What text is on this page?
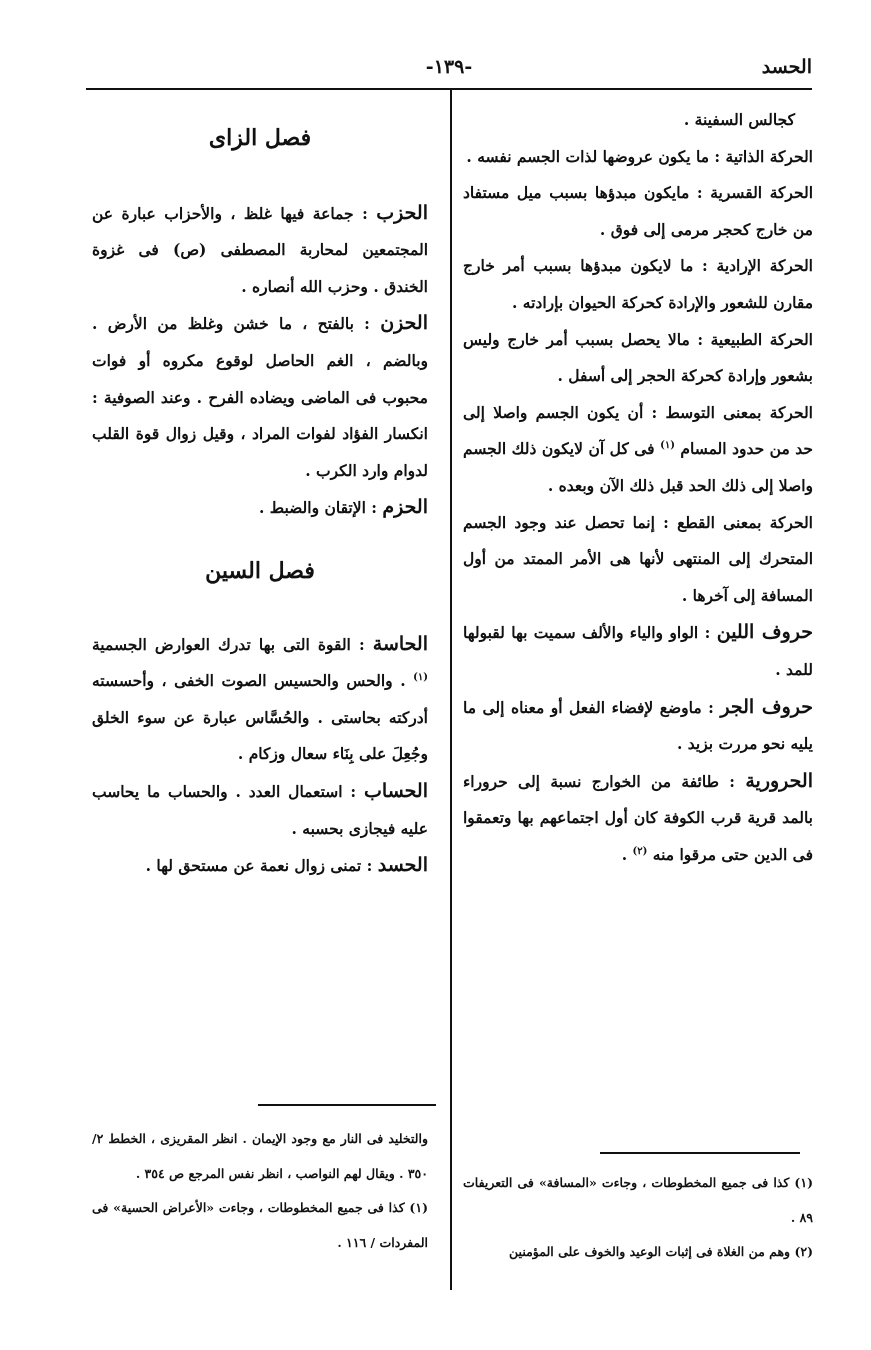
الحسد
-١٣٩-

كجالس السفينة .

الحركة الذاتية : ما يكون عروضها لذات الجسم نفسه .

الحركة القسرية : مايكون مبدؤها بسبب ميل مستفاد من خارج كحجر مرمى إلى فوق .

الحركة الإرادية : ما لايكون مبدؤها بسبب أمر خارج مقارن للشعور والإرادة كحركة الحيوان بإرادته .

الحركة الطبيعية : مالا يحصل بسبب أمر خارج وليس بشعور وإرادة كحركة الحجر إلى أسفل .

الحركة بمعنى التوسط : أن يكون الجسم واصلا إلى حد من حدود المسام $^{(١)}$ فى كل آن لايكون ذلك الجسم واصلا إلى ذلك الحد قبل ذلك الآن وبعده .

الحركة بمعنى القطع : إنما تحصل عند وجود الجسم المتحرك إلى المنتهى لأنها هى الأمر الممتد من أول المسافة إلى آخرها .

حروف اللين : الواو والياء والألف سميت بها لقبولها للمد .

حروف الجر : ماوضع لإفضاء الفعل أو معناه إلى ما يليه نحو مررت بزيد .

الحرورية : طائفة من الخوارج نسبة إلى حروراء بالمد قرية قرب الكوفة كان أول اجتماعهم بها وتعمقوا فى الدين حتى مرقوا منه $^{(٢)}$ .

فصل الزاى

الحزب : جماعة فيها غلظ ، والأحزاب عبارة عن المجتمعين لمحاربة المصطفى (ص) فى غزوة الخندق . وحزب الله أنصاره .

الحزن : بالفتح ، ما خشن وغلظ من الأرض . وبالضم ، الغم الحاصل لوقوع مكروه أو فوات محبوب فى الماضى ويضاده الفرح . وعند الصوفية : انكسار الفؤاد لفوات المراد ، وقيل زوال قوة القلب لدوام وارد الكرب .

الحزم : الإتقان والضبط .

فصل السين

الحاسة : القوة التى بها تدرك العوارض الجسمية $^{(١)}$ . والحس والحسيس الصوت الخفى ، وأحسسته أدركته بحاستى . والحُسَّاس عبارة عن سوء الخلق وجُعِلَ على بِنَاء سعال وزكام .

الحساب : استعمال العدد . والحساب ما يحاسب عليه فيجازى بحسبه .

الحسد : تمنى زوال نعمة عن مستحق لها .

(١) كذا فى جميع المخطوطات ، وجاءت «المسافة» فى التعريفات ٨٩ .

(٢) وهم من الغلاة فى إثبات الوعيد والخوف على المؤمنين

والتخليد فى النار مع وجود الإيمان . انظر المقريزى ، الخطط ٢/ ٣٥٠ . ويقال لهم النواصب ، انظر نفس المرجع ص ٣٥٤ .

(١) كذا فى جميع المخطوطات ، وجاءت «الأعراض الحسية» فى المفردات / ١١٦ .
